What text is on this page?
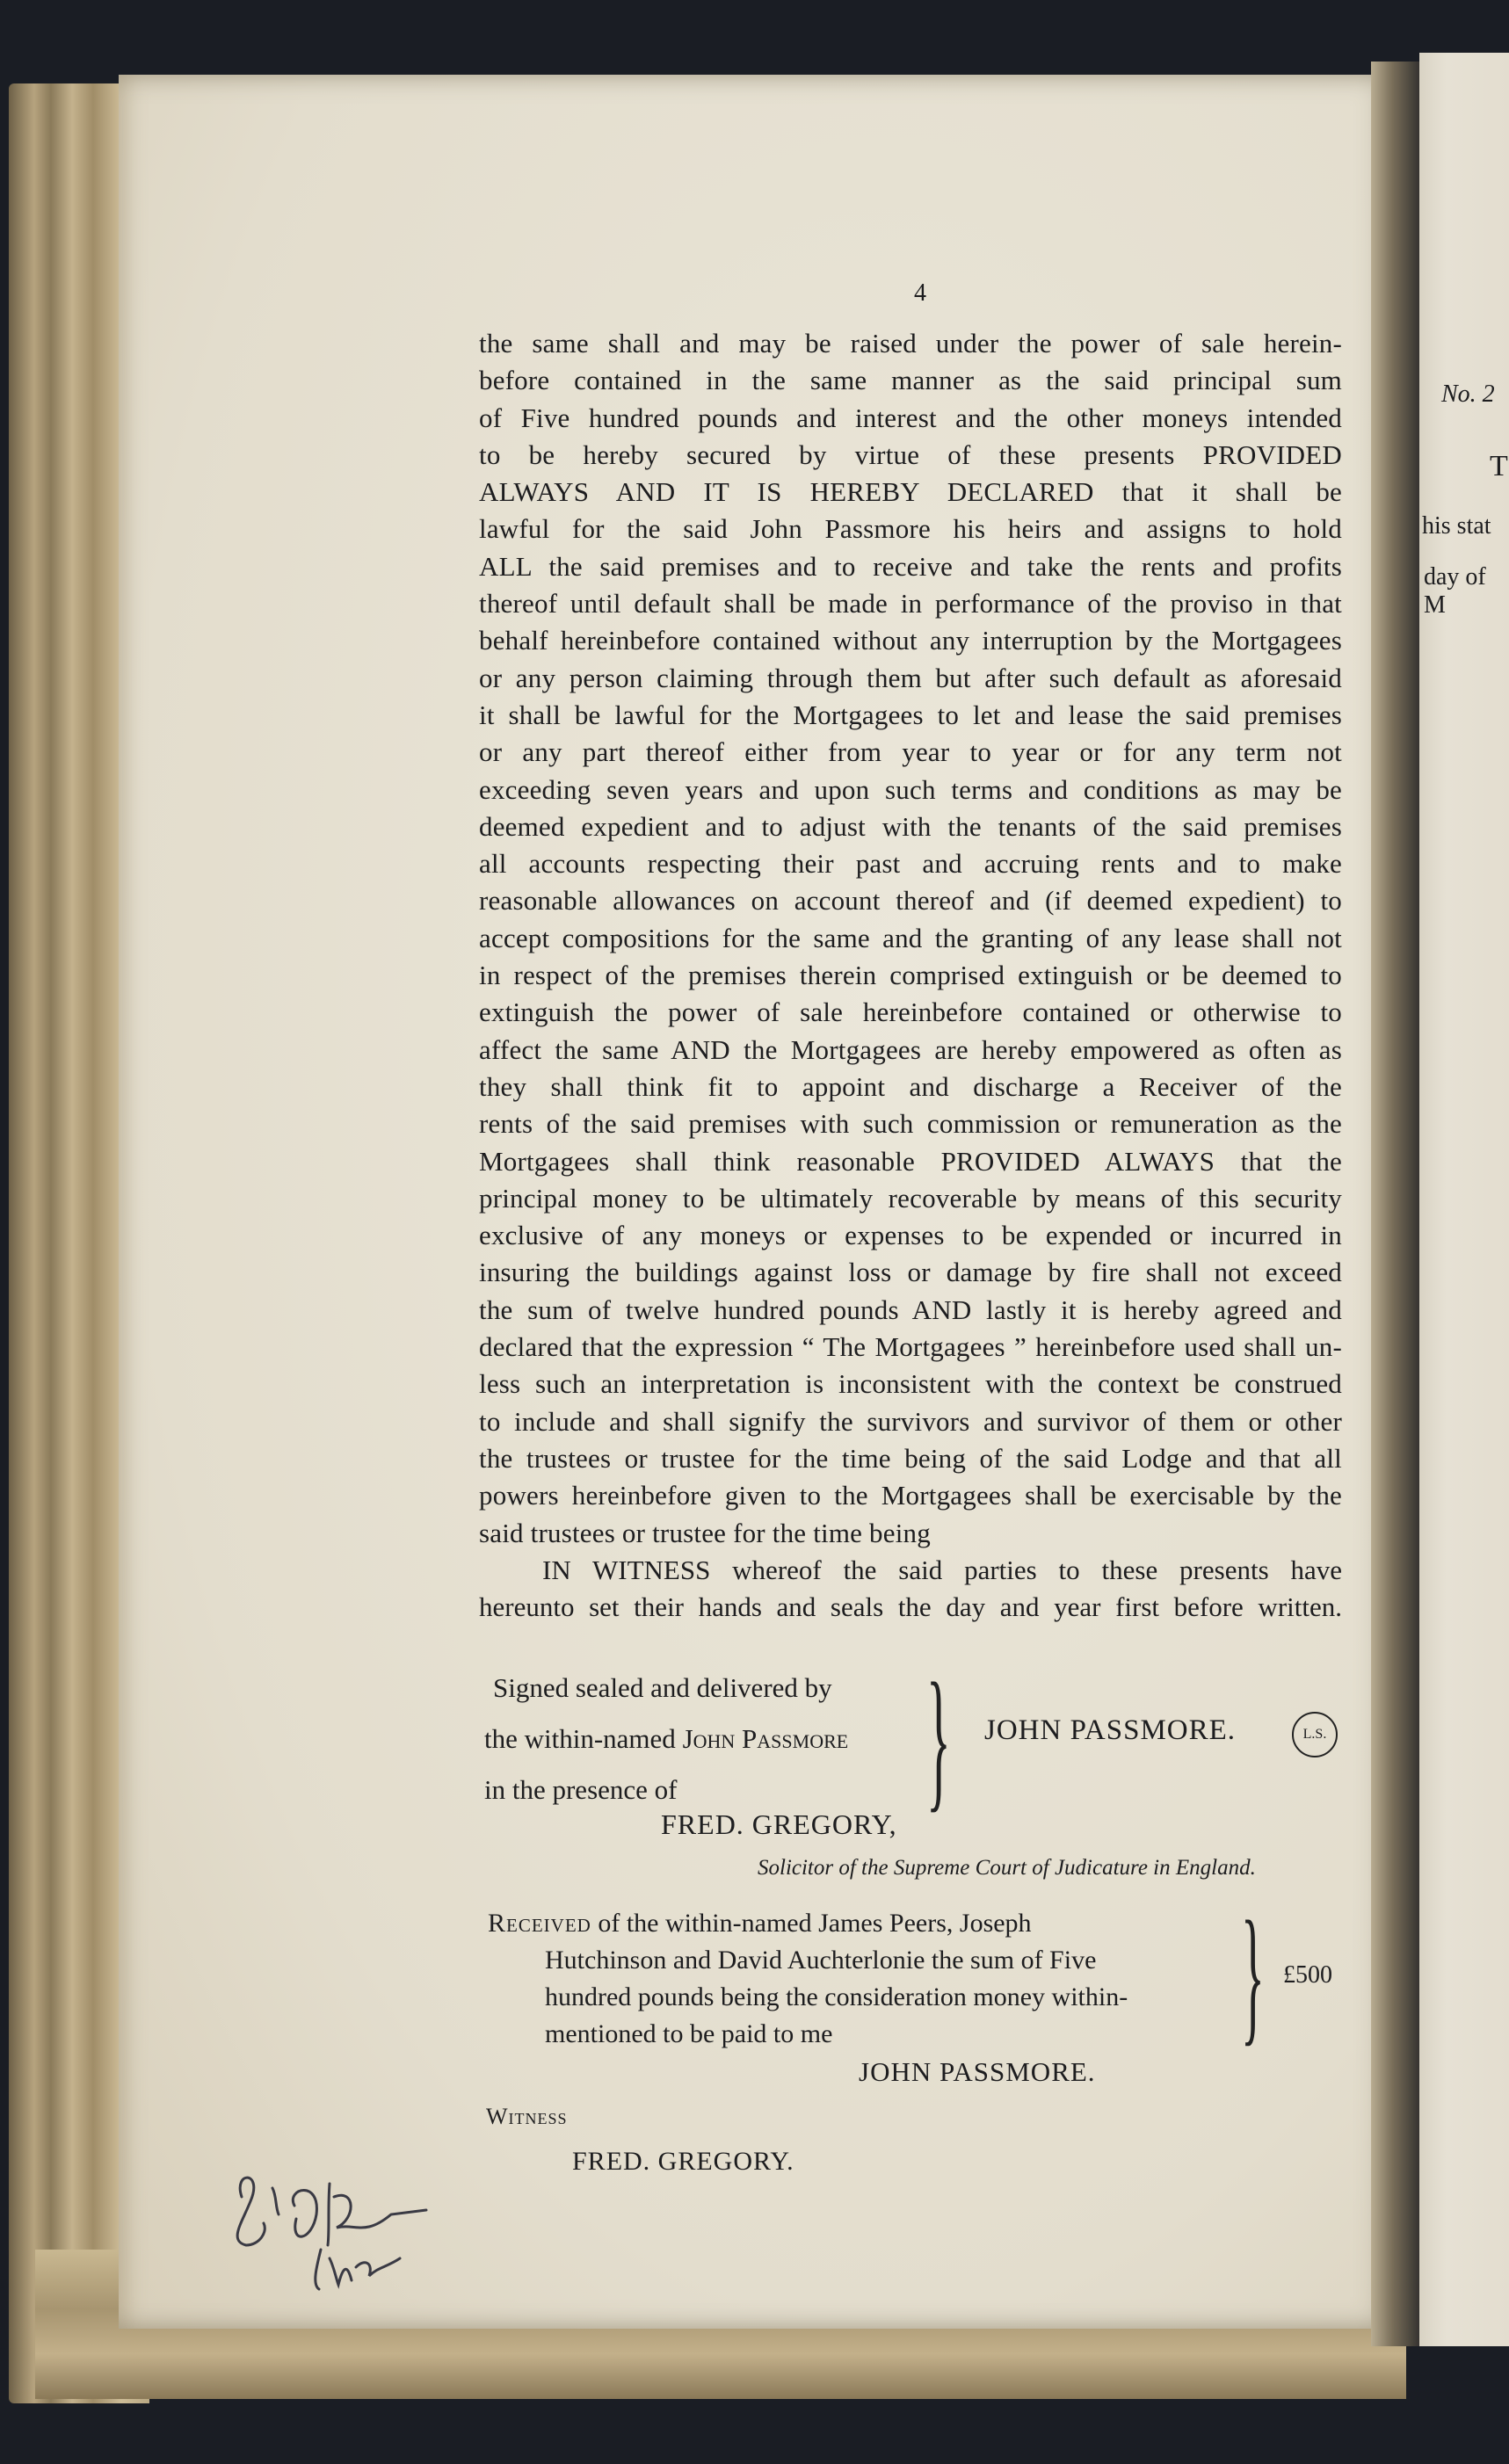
No. 2
T
his stat
day of M
4

the same shall and may be raised under the power of sale herein-

before contained in the same manner as the said principal sum

of Five hundred pounds and interest and the other moneys intended

to be hereby secured by virtue of these presents PROVIDED

ALWAYS AND IT IS HEREBY DECLARED that it shall be

lawful for the said John Passmore his heirs and assigns to hold

ALL the said premises and to receive and take the rents and profits

thereof until default shall be made in performance of the proviso in that

behalf hereinbefore contained without any interruption by the Mortgagees

or any person claiming through them but after such default as aforesaid

it shall be lawful for the Mortgagees to let and lease the said premises

or any part thereof either from year to year or for any term not

exceeding seven years and upon such terms and conditions as may be

deemed expedient and to adjust with the tenants of the said premises

all accounts respecting their past and accruing rents and to make

reasonable allowances on account thereof and (if deemed expedient) to

accept compositions for the same and the granting of any lease shall not

in respect of the premises therein comprised extinguish or be deemed to

extinguish the power of sale hereinbefore contained or otherwise to

affect the same AND the Mortgagees are hereby empowered as often as

they shall think fit to appoint and discharge a Receiver of the

rents of the said premises with such commission or remuneration as the

Mortgagees shall think reasonable PROVIDED ALWAYS that the

principal money to be ultimately recoverable by means of this security

exclusive of any moneys or expenses to be expended or incurred in

insuring the buildings against loss or damage by fire shall not exceed

the sum of twelve hundred pounds AND lastly it is hereby agreed and

declared that the expression “ The Mortgagees ” hereinbefore used shall un-

less such an interpretation is inconsistent with the context be construed

to include and shall signify the survivors and survivor of them or other

the trustees or trustee for the time being of the said Lodge and that all

powers hereinbefore given to the Mortgagees shall be exercisable by the

said trustees or trustee for the time being

IN WITNESS whereof the said parties to these presents have
hereunto set their hands and seals the day and year first before written.
Signed sealed and delivered by
the within-named John Passmore
in the presence of	} JOHN PASSMORE.	L.S.
FRED. GREGORY,
Solicitor of the Supreme Court of Judicature in England.
Received of the within-named James Peers, Joseph
Hutchinson and David Auchterlonie the sum of Five
hundred pounds being the consideration money within-
mentioned to be paid to me	} £500
JOHN PASSMORE.
Witness
FRED. GREGORY.
